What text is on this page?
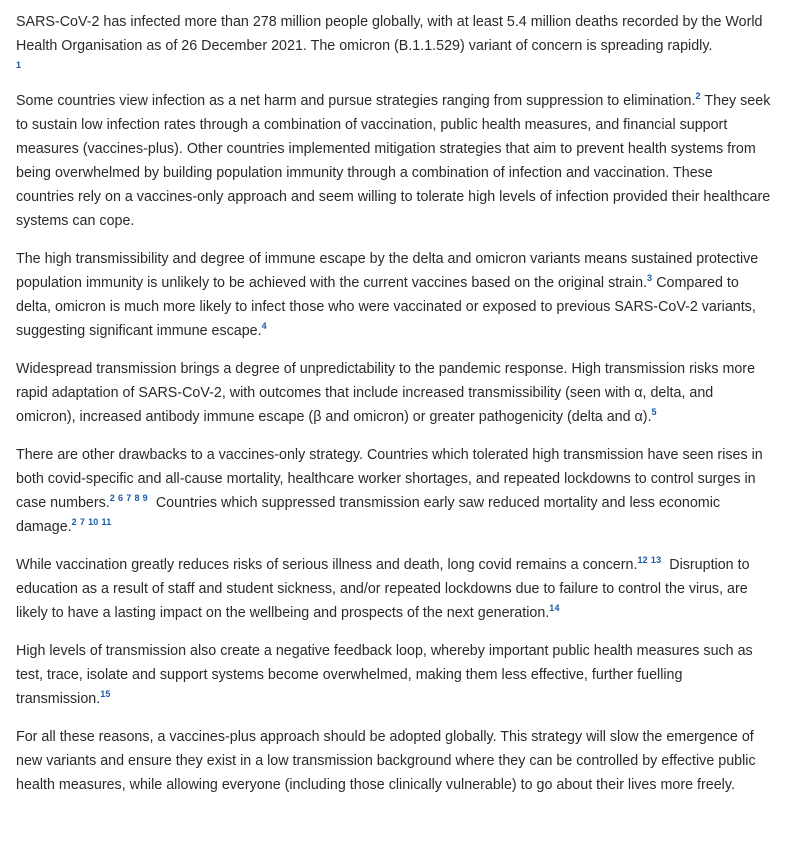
SARS-CoV-2 has infected more than 278 million people globally, with at least 5.4 million deaths recorded by the World Health Organisation as of 26 December 2021. The omicron (B.1.1.529) variant of concern is spreading rapidly.
1

Some countries view infection as a net harm and pursue strategies ranging from suppression to elimination.$^2$ They seek to sustain low infection rates through a combination of vaccination, public health measures, and financial support measures (vaccines-plus). Other countries implemented mitigation strategies that aim to prevent health systems from being overwhelmed by building population immunity through a combination of infection and vaccination. These countries rely on a vaccines-only approach and seem willing to tolerate high levels of infection provided their healthcare systems can cope.

The high transmissibility and degree of immune escape by the delta and omicron variants means sustained protective population immunity is unlikely to be achieved with the current vaccines based on the original strain.$^3$ Compared to delta, omicron is much more likely to infect those who were vaccinated or exposed to previous SARS-CoV-2 variants, suggesting significant immune escape.$^4$

Widespread transmission brings a degree of unpredictability to the pandemic response. High transmission risks more rapid adaptation of SARS-CoV-2, with outcomes that include increased transmissibility (seen with α, delta, and omicron), increased antibody immune escape (β and omicron) or greater pathogenicity (delta and α).$^5$

There are other drawbacks to a vaccines-only strategy. Countries which tolerated high transmission have seen rises in both covid-specific and all-cause mortality, healthcare worker shortages, and repeated lockdowns to control surges in case numbers.$^2$ $^6$ $^7$ $^8$ $^9$ Countries which suppressed transmission early saw reduced mortality and less economic damage.$^2$ $^7$ $^{10}$ $^{11}$

While vaccination greatly reduces risks of serious illness and death, long covid remains a concern.$^{12}$ $^{13}$ Disruption to education as a result of staff and student sickness, and/or repeated lockdowns due to failure to control the virus, are likely to have a lasting impact on the wellbeing and prospects of the next generation.$^{14}$

High levels of transmission also create a negative feedback loop, whereby important public health measures such as test, trace, isolate and support systems become overwhelmed, making them less effective, further fuelling transmission.$^{15}$

For all these reasons, a vaccines-plus approach should be adopted globally. This strategy will slow the emergence of new variants and ensure they exist in a low transmission background where they can be controlled by effective public health measures, while allowing everyone (including those clinically vulnerable) to go about their lives more freely.
